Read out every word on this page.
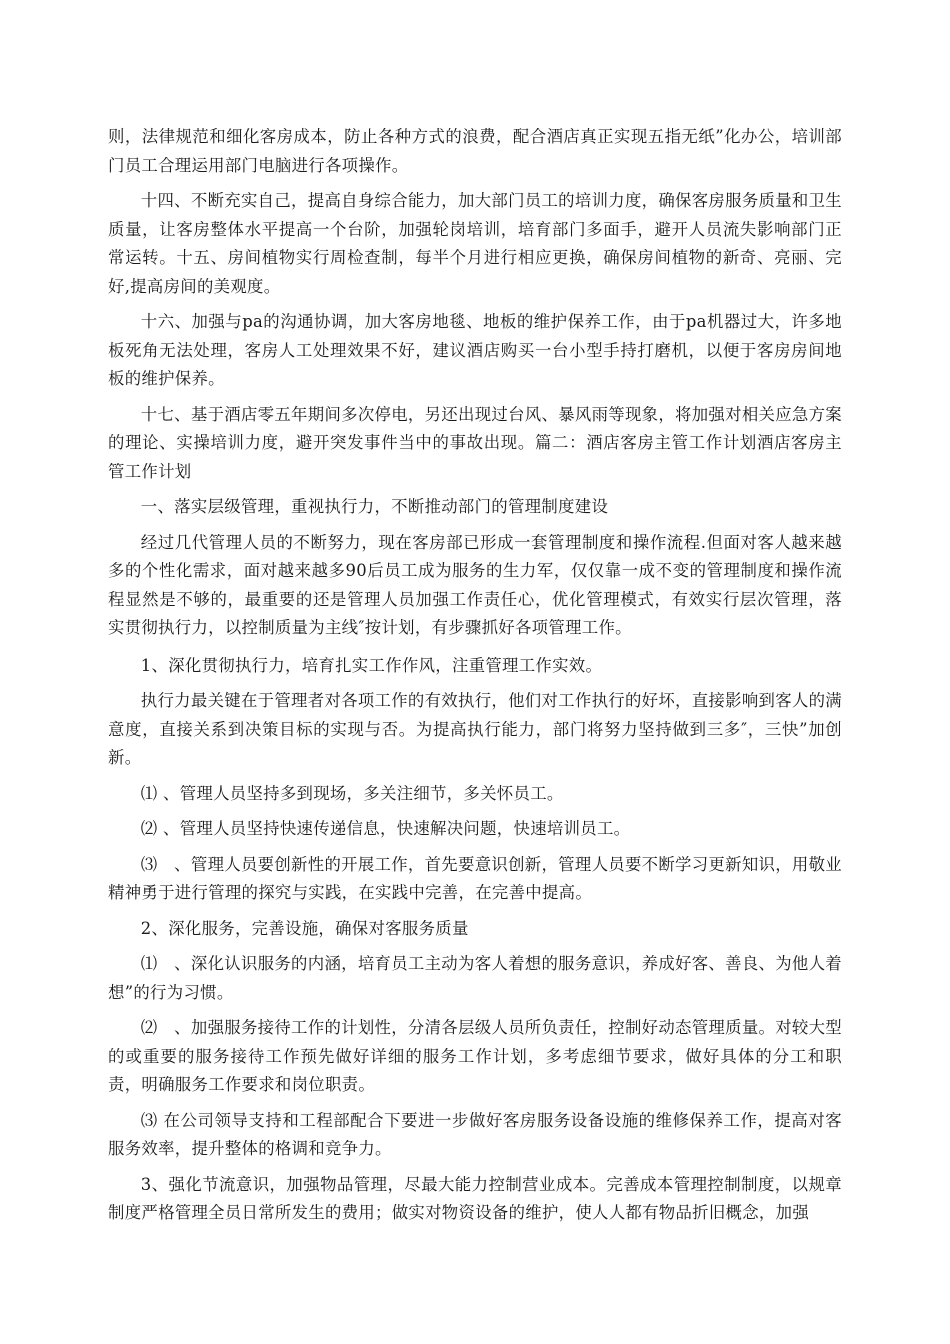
则，法律规范和细化客房成本，防止各种方式的浪费，配合酒店真正实现五指无纸”化办公，培训部门员工合理运用部门电脑进行各项操作。

十四、不断充实自己，提高自身综合能力，加大部门员工的培训力度，确保客房服务质量和卫生质量，让客房整体水平提高一个台阶，加强轮岗培训，培育部门多面手，避开人员流失影响部门正常运转。十五、房间植物实行周检查制，每半个月进行相应更换，确保房间植物的新奇、亮丽、完好,提高房间的美观度。

十六、加强与pa的沟通协调，加大客房地毯、地板的维护保养工作，由于pa机器过大，许多地板死角无法处理，客房人工处理效果不好，建议酒店购买一台小型手持打磨机，以便于客房房间地板的维护保养。

十七、基于酒店零五年期间多次停电，另还出现过台风、暴风雨等现象，将加强对相关应急方案的理论、实操培训力度，避开突发事件当中的事故出现。篇二：酒店客房主管工作计划酒店客房主管工作计划

一、落实层级管理，重视执行力，不断推动部门的管理制度建设

经过几代管理人员的不断努力，现在客房部已形成一套管理制度和操作流程.但面对客人越来越多的个性化需求，面对越来越多90后员工成为服务的生力军，仅仅靠一成不变的管理制度和操作流程显然是不够的，最重要的还是管理人员加强工作责任心，优化管理模式，有效实行层次管理，落实贯彻执行力，以控制质量为主线″按计划，有步骤抓好各项管理工作。

1、深化贯彻执行力，培育扎实工作作风，注重管理工作实效。

执行力最关键在于管理者对各项工作的有效执行，他们对工作执行的好坏，直接影响到客人的满意度，直接关系到决策目标的实现与否。为提高执行能力，部门将努力坚持做到三多″，三快”加创新。

⑴ 、管理人员坚持多到现场，多关注细节，多关怀员工。

⑵ 、管理人员坚持快速传递信息，快速解决问题，快速培训员工。

⑶　、管理人员要创新性的开展工作，首先要意识创新，管理人员要不断学习更新知识，用敬业精神勇于进行管理的探究与实践，在实践中完善，在完善中提高。

2、深化服务，完善设施，确保对客服务质量

⑴　、深化认识服务的内涵，培育员工主动为客人着想的服务意识，养成好客、善良、为他人着想”的行为习惯。

⑵　、加强服务接待工作的计划性，分清各层级人员所负责任，控制好动态管理质量。对较大型的或重要的服务接待工作预先做好详细的服务工作计划，多考虑细节要求，做好具体的分工和职责，明确服务工作要求和岗位职责。

⑶ 在公司领导支持和工程部配合下要进一步做好客房服务设备设施的维修保养工作，提高对客服务效率，提升整体的格调和竞争力。

3、强化节流意识，加强物品管理，尽最大能力控制营业成本。完善成本管理控制制度，以规章制度严格管理全员日常所发生的费用；做实对物资设备的维护，使人人都有物品折旧概念，加强
